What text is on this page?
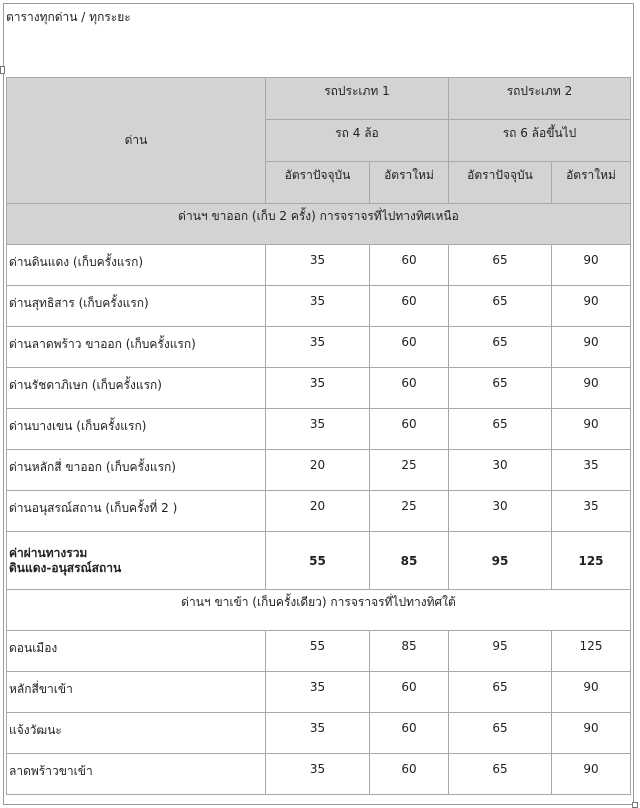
ตารางทุกด่าน / ทุกระยะ
ด่าน	รถประเภท 1		รถประเภท 2	
	รถ 4 ล้อ		รถ 6 ล้อขึ้นไป	
	อัตราปัจจุบัน	อัตราใหม่	อัตราปัจจุบัน	อัตราใหม่
ด่านฯ ขาออก (เก็บ 2 ครั้ง) การจราจรที่ไปทางทิศเหนือ				
ด่านดินแดง (เก็บครั้งแรก)	35	60	65	90
ด่านสุทธิสาร (เก็บครั้งแรก)	35	60	65	90
ด่านลาดพร้าว ขาออก (เก็บครั้งแรก)	35	60	65	90
ด่านรัชดาภิเษก (เก็บครั้งแรก)	35	60	65	90
ด่านบางเขน (เก็บครั้งแรก)	35	60	65	90
ด่านหลักสี่ ขาออก (เก็บครั้งแรก)	20	25	30	35
ด่านอนุสรณ์สถาน (เก็บครั้งที่ 2 )	20	25	30	35

ค่าผ่านทางรวม
ดินแดง-อนุสรณ์สถาน	55	85	95	125
ด่านฯ ขาเข้า (เก็บครั้งเดียว) การจราจรที่ไปทางทิศใต้				
ดอนเมือง	55	85	95	125
หลักสี่ขาเข้า	35	60	65	90
แจ้งวัฒนะ	35	60	65	90
ลาดพร้าวขาเข้า	35	60	65	90
